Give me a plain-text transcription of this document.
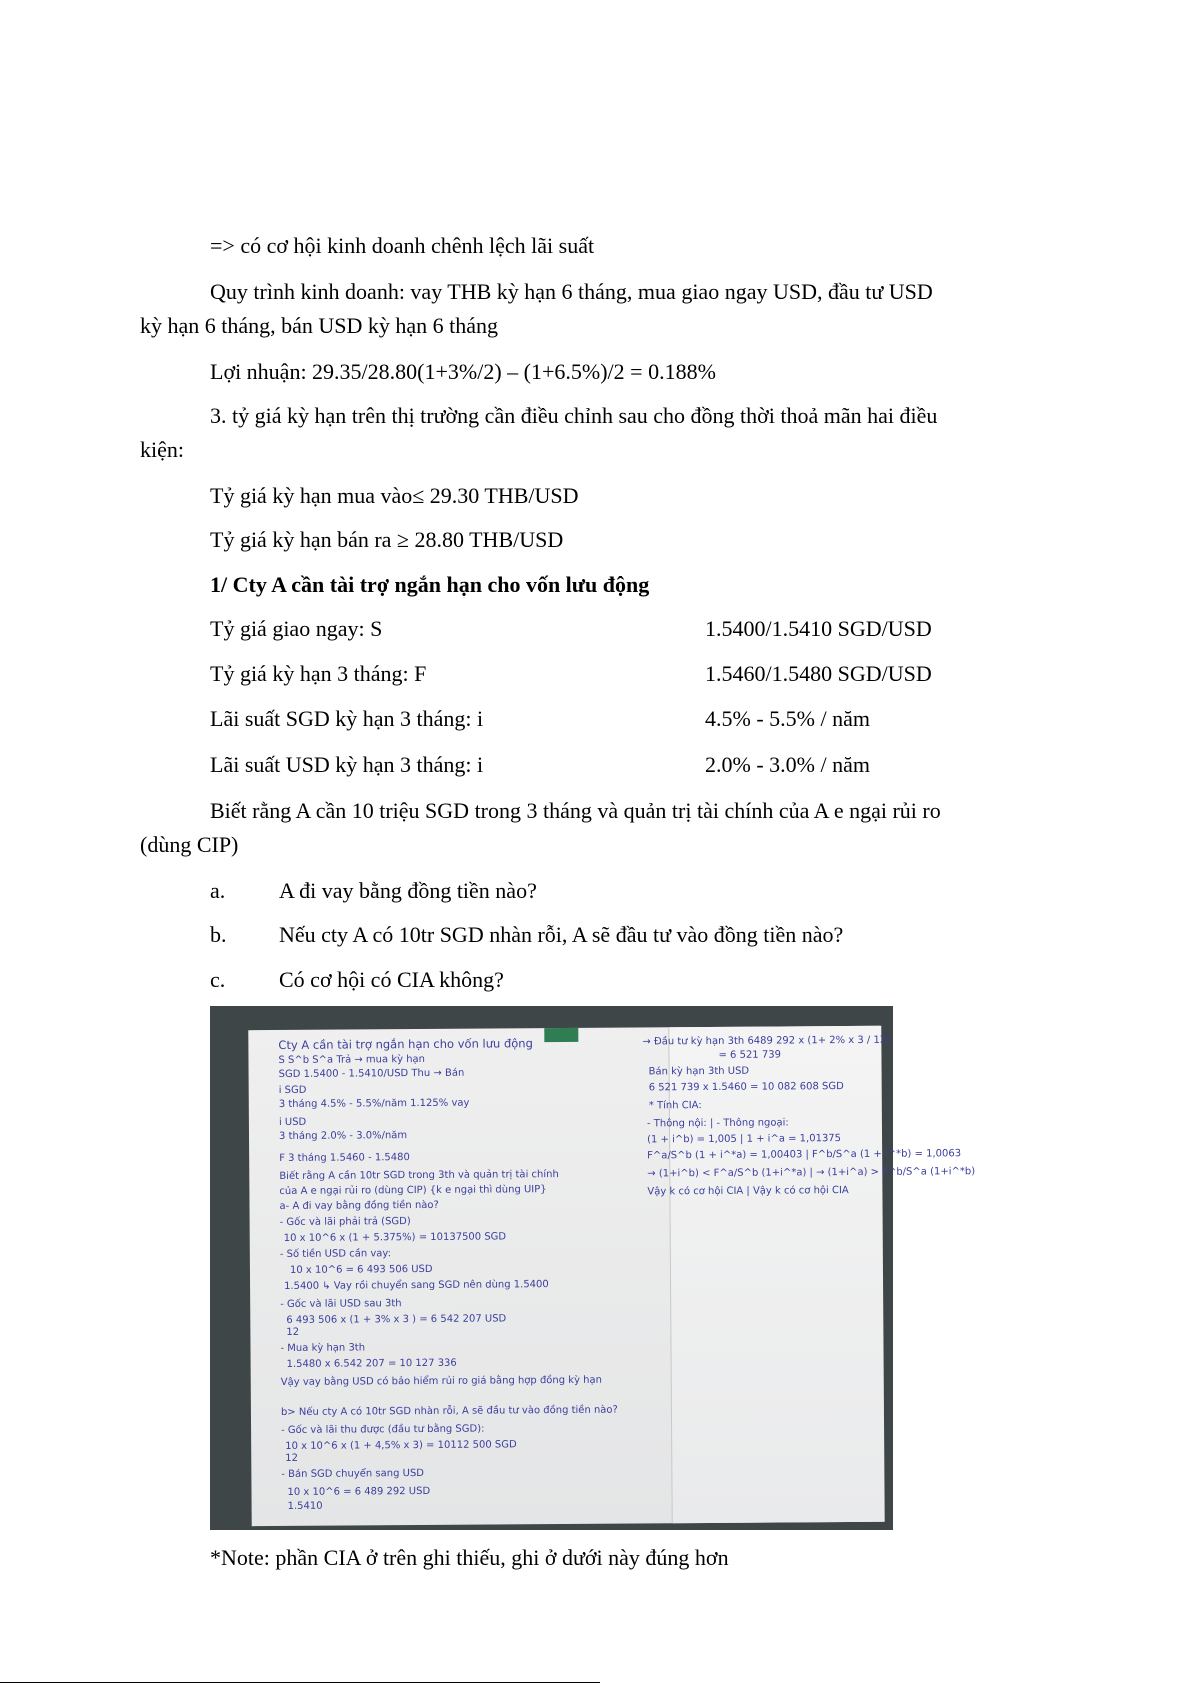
=> có cơ hội kinh doanh chênh lệch lãi suất
Quy trình kinh doanh: vay THB kỳ hạn 6 tháng, mua giao ngay USD, đầu tư USD
kỳ hạn 6 tháng, bán USD kỳ hạn 6 tháng
Lợi nhuận: 29.35/28.80(1+3%/2) – (1+6.5%)/2 = 0.188%
3. tỷ giá kỳ hạn trên thị trường cần điều chỉnh sau cho đồng thời thoả mãn hai điều
kiện:
Tỷ giá kỳ hạn mua vào≤ 29.30 THB/USD
Tỷ giá kỳ hạn bán ra ≥ 28.80 THB/USD
1/ Cty A cần tài trợ ngắn hạn cho vốn lưu động
Tỷ giá giao ngay: S	1.5400/1.5410 SGD/USD
Tỷ giá kỳ hạn 3 tháng: F	1.5460/1.5480 SGD/USD
Lãi suất SGD kỳ hạn 3 tháng: i	4.5% - 5.5% / năm
Lãi suất USD kỳ hạn 3 tháng: i	2.0% - 3.0% / năm
Biết rằng A cần 10 triệu SGD trong 3 tháng và quản trị tài chính của A e ngại rủi ro
(dùng CIP)
a. A đi vay bằng đồng tiền nào?
b. Nếu cty A có 10tr SGD nhàn rỗi, A sẽ đầu tư vào đồng tiền nào?
c. Có cơ hội có CIA không?
Cty A cần tài trợ ngắn hạn cho vốn lưu động
S S^b S^a Trả → mua kỳ hạn
SGD 1.5400 - 1.5410/USD Thu → Bán
i SGD
3 tháng 4.5% - 5.5%/năm 1.125% vay
i USD
3 tháng 2.0% - 3.0%/năm
F 3 tháng 1.5460 - 1.5480
Biết rằng A cần 10tr SGD trong 3th và quản trị tài chính
của A e ngại rủi ro (dùng CIP) {k e ngại thì dùng UIP}
a- A đi vay bằng đồng tiền nào?
- Gốc và lãi phải trả (SGD)
10 x 10^6 x (1 + 5.375%) = 10137500 SGD
- Số tiền USD cần vay:
10 x 10^6 = 6 493 506 USD
1.5400 ↳ Vay rồi chuyển sang SGD nên dùng 1.5400
- Gốc và lãi USD sau 3th
6 493 506 x (1 + 3% x 3 ) = 6 542 207 USD
12
- Mua kỳ hạn 3th
1.5480 x 6.542 207 = 10 127 336
Vậy vay bằng USD có bảo hiểm rủi ro giá bằng hợp đồng kỳ hạn
b> Nếu cty A có 10tr SGD nhàn rỗi, A sẽ đầu tư vào đồng tiền nào?
- Gốc và lãi thu được (đầu tư bằng SGD):
10 x 10^6 x (1 + 4,5% x 3) = 10112 500 SGD
12
- Bán SGD chuyển sang USD
10 x 10^6 = 6 489 292 USD
1.5410
→ Đầu tư kỳ hạn 3th 6489 292 x (1+ 2% x 3 / 12)
= 6 521 739
Bán kỳ hạn 3th USD
6 521 739 x 1.5460 = 10 082 608 SGD
* Tính CIA:
- Thông nội: | - Thông ngoại:
(1 + i^b) = 1,005 | 1 + i^a = 1,01375
F^a/S^b (1 + i^*a) = 1,00403 | F^b/S^a (1 + i^*b) = 1,0063
→ (1+i^b) < F^a/S^b (1+i^*a) | → (1+i^a) > F^b/S^a (1+i^*b)
Vậy k có cơ hội CIA | Vậy k có cơ hội CIA
*Note: phần CIA ở trên ghi thiếu, ghi ở dưới này đúng hơn
